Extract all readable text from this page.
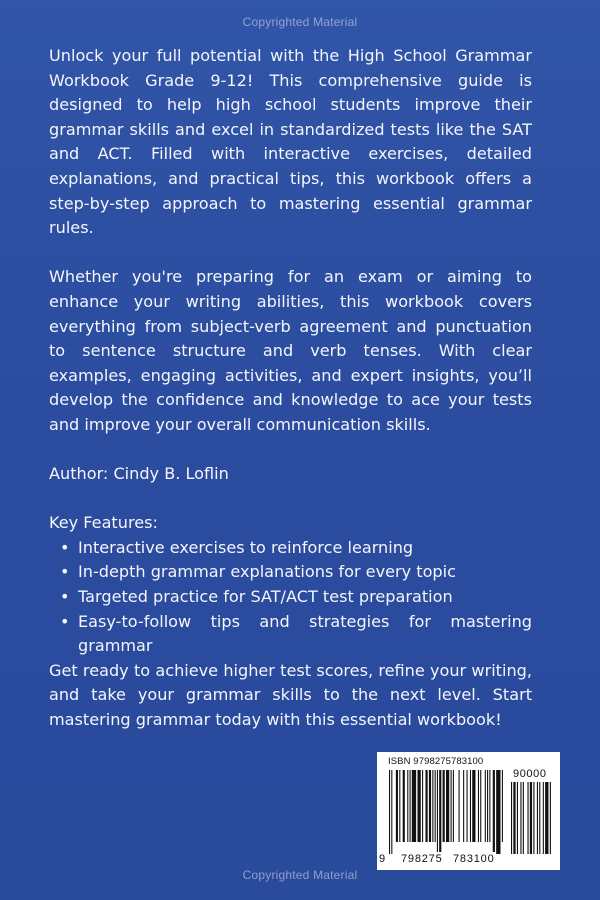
Copyrighted Material

Unlock your full potential with the High School Grammar Workbook Grade 9-12! This comprehensive guide is designed to help high school students improve their grammar skills and excel in standardized tests like the SAT and ACT. Filled with interactive exercises, detailed explanations, and practical tips, this workbook offers a step-by-step approach to mastering essential grammar rules.

Whether you're preparing for an exam or aiming to enhance your writing abilities, this workbook covers everything from subject-verb agreement and punctuation to sentence structure and verb tenses. With clear examples, engaging activities, and expert insights, you’ll develop the confidence and knowledge to ace your tests and improve your overall communication skills.

Author: Cindy B. Loflin

Key Features:

• Interactive exercises to reinforce learning
• In-depth grammar explanations for every topic
• Targeted practice for SAT/ACT test preparation
• Easy-to-follow tips and strategies for mastering grammar

Get ready to achieve higher test scores, refine your writing, and take your grammar skills to the next level. Start mastering grammar today with this essential workbook!

ISBN 9798275783100
90000
9 798275 783100
Copyrighted Material
